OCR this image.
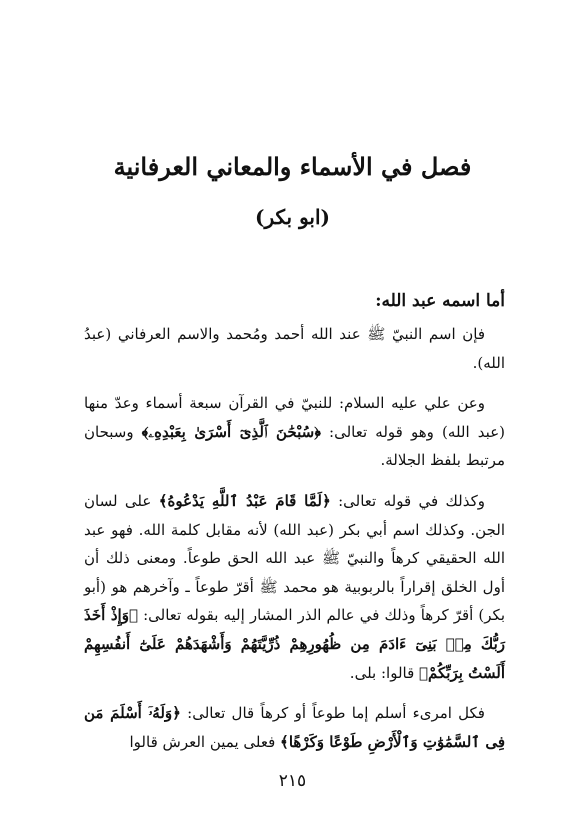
فصل في الأسماء والمعاني العرفانية
(ابو بكر)
أما اسمه عبد الله:

فإن اسم النبيّ ﷺ عند الله أحمد ومُحمد والاسم العرفاني (عبدُ الله).

وعن علي عليه السلام: للنبيّ في القرآن سبعة أسماء وعدّ منها (عبد الله) وهو قوله تعالى: ﴿سُبْحَٰنَ ٱلَّذِىٓ أَسْرَىٰ بِعَبْدِهِۦ﴾ وسبحان مرتبط بلفظ الجلالة.

وكذلك في قوله تعالى: ﴿لَمَّا قَامَ عَبْدُ ٱللَّهِ يَدْعُوهُ﴾ على لسان الجن. وكذلك اسم أبي بكر (عبد الله) لأنه مقابل كلمة الله. فهو عبد الله الحقيقي كرهاً والنبيّ ﷺ عبد الله الحق طوعاً. ومعنى ذلك أن أول الخلق إقراراً بالربوبية هو محمد ﷺ أقرّ طوعاً ـ وآخرهم هو (أبو بكر) أقرّ كرهاً وذلك في عالم الذر المشار إليه بقوله تعالى: ﴿وَإِذْ أَخَذَ رَبُّكَ مِنۢ بَنِىٓ ءَادَمَ مِن ظُهُورِهِمْ ذُرِّيَّتَهُمْ وَأَشْهَدَهُمْ عَلَىٰٓ أَنفُسِهِمْ أَلَسْتُ بِرَبِّكُمْ﴾ قالوا: بلى.

فكل امرىء أسلم إما طوعاً أو كرهاً قال تعالى: ﴿وَلَهُۥٓ أَسْلَمَ مَن فِى ٱلسَّمَٰوَٰتِ وَٱلْأَرْضِ طَوْعًا وَكَرْهًا﴾ فعلى يمين العرش قالوا

٢١٥
